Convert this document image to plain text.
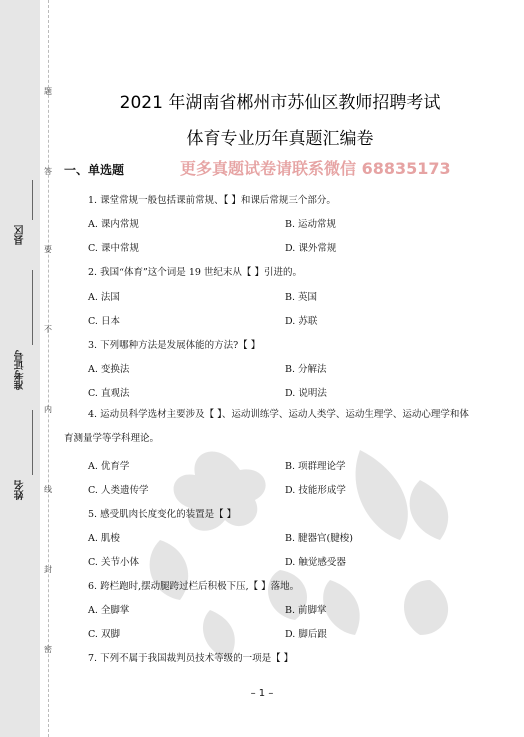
题
答
要
不
内
线
封
密
县区
准考证号
姓名
2021 年湖南省郴州市苏仙区教师招聘考试
体育专业历年真题汇编卷
一、单选题	更多真题试卷请联系微信 68835173
1. 课堂常规一般包括课前常规、【 】和课后常规三个部分。
A. 课内常规	B. 运动常规
C. 课中常规	D. 课外常规
2. 我国“体育”这个词是 19 世纪末从【 】引进的。
A. 法国	B. 英国
C. 日本	D. 苏联
3. 下列哪种方法是发展体能的方法?【 】
A. 变换法	B. 分解法
C. 直观法	D. 说明法
4. 运动员科学选材主要涉及【 】、运动训练学、运动人类学、运动生理学、运动心理学和体育测量学等学科理论。
A. 优育学	B. 项群理论学
C. 人类遗传学	D. 技能形成学
5. 感受肌肉长度变化的装置是【 】
A. 肌梭	B. 腱器官(腱梭)
C. 关节小体	D. 触觉感受器
6. 跨栏跑时,摆动腿跨过栏后积极下压,【 】落地。
A. 全脚掌	B. 前脚掌
C. 双脚	D. 脚后跟
7. 下列不属于我国裁判员技术等级的一项是【 】
– 1 –
